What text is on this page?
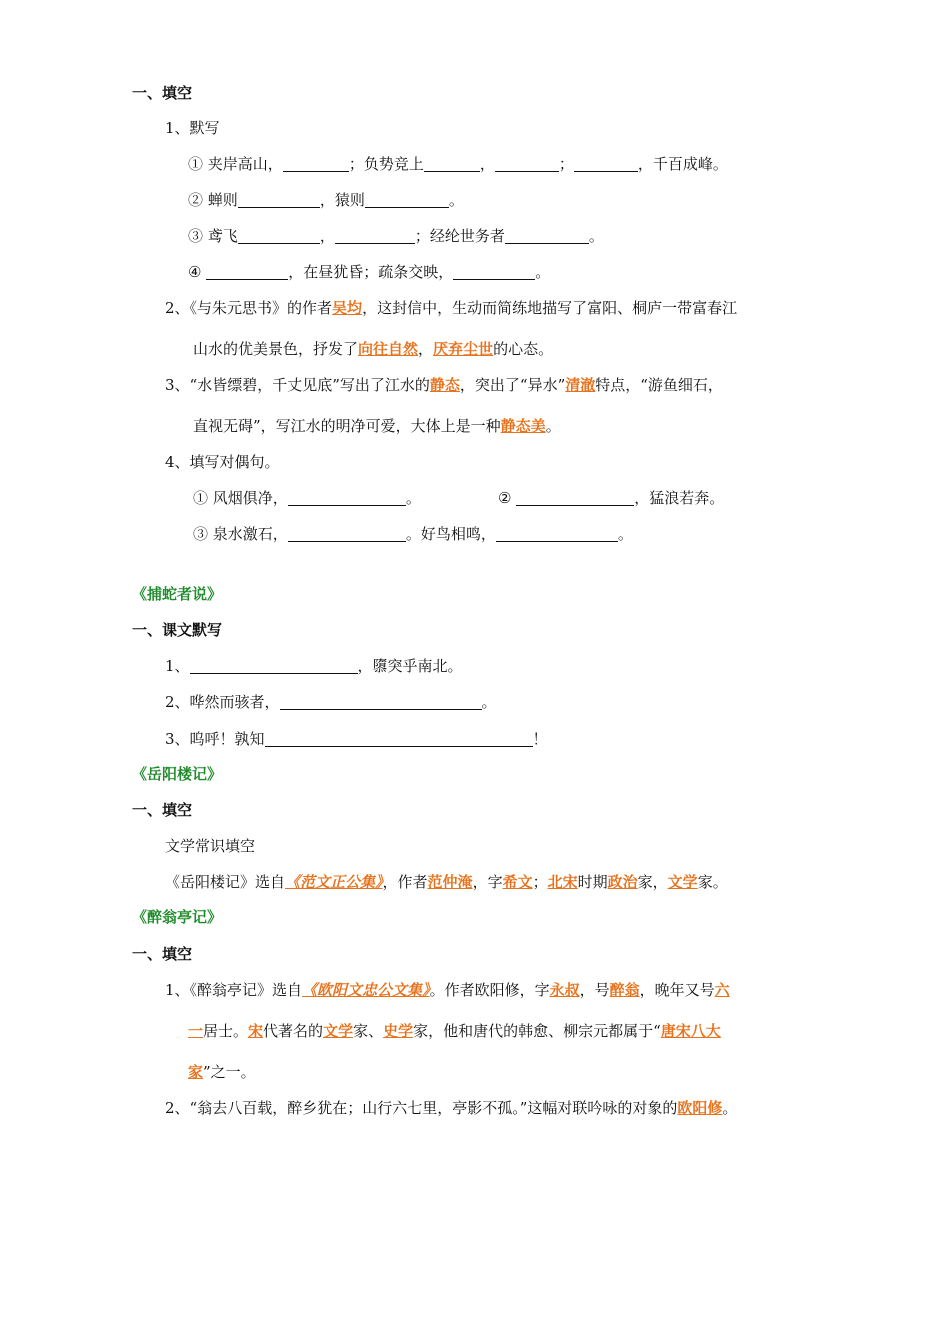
一、填空
1、默写
① 夹岸高山，	；负势竞上	，	；	，千百成峰。
② 蝉则	，猿则	。
③ 鸢飞	，	；经纶世务者	。
④	，在昼犹昏；疏条交映，	。
2、《与朱元思书》的作者吴均，这封信中，生动而简练地描写了富阳、桐庐一带富春江
山水的优美景色，抒发了向往自然，厌弃尘世的心态。
3、“水皆缥碧，千丈见底”写出了江水的静态，突出了“异水”清澈特点，“游鱼细石，
直视无碍”，写江水的明净可爱，大体上是一种静态美。
4、填写对偶句。
① 风烟俱净，	。	②	，猛浪若奔。
③ 泉水激石，	。好鸟相鸣，	。
《捕蛇者说》
一、课文默写
1、	，隳突乎南北。
2、哗然而骇者，	。
3、呜呼！孰知	！
《岳阳楼记》
一、填空
文学常识填空
《岳阳楼记》选自《范文正公集》，作者范仲淹，字希文；北宋时期政治家，文学家。
《醉翁亭记》
一、填空
1、《醉翁亭记》选自《欧阳文忠公文集》。作者欧阳修，字永叔，号醉翁，晚年又号六
一居士。宋代著名的文学家、史学家，他和唐代的韩愈、柳宗元都属于“唐宋八大
家”之一。
2、“翁去八百载，醉乡犹在；山行六七里，亭影不孤。”这幅对联吟咏的对象的欧阳修。
